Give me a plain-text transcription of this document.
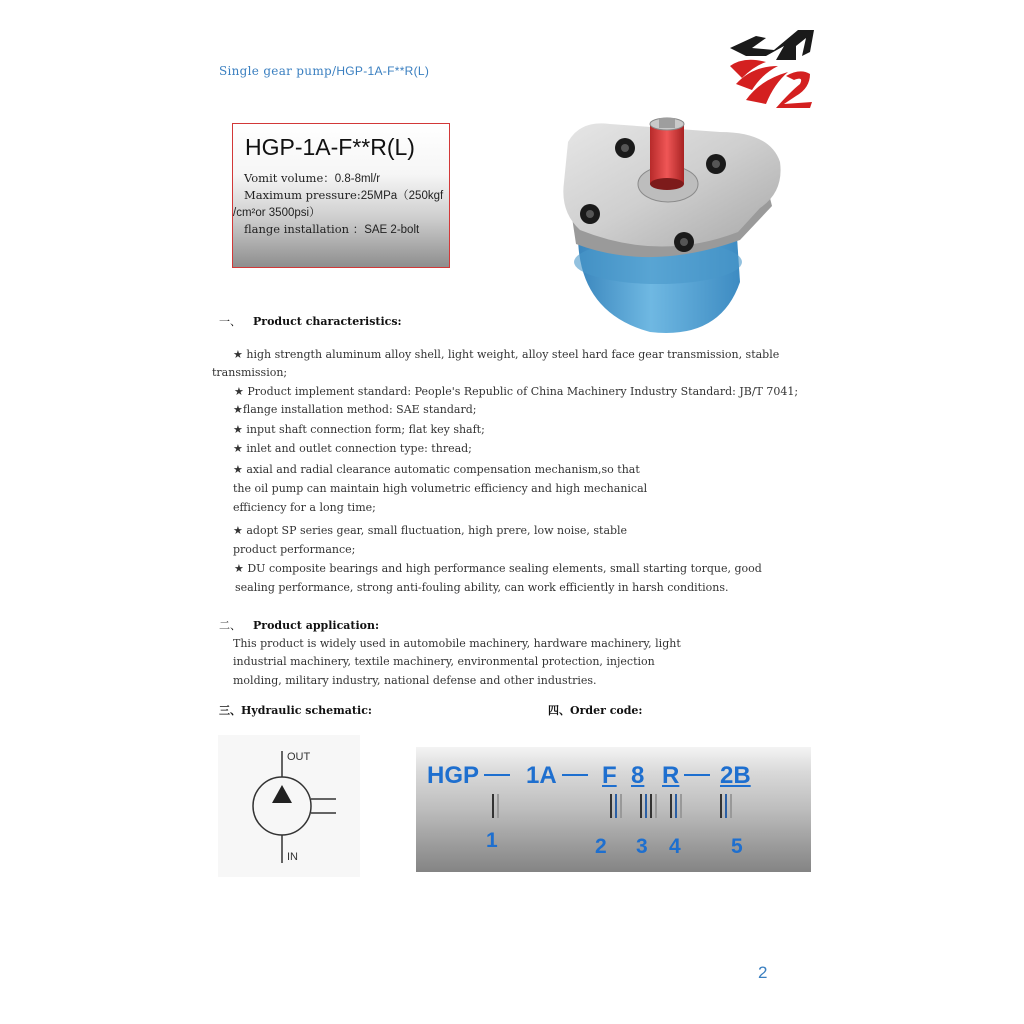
Single gear pump/HGP-1A-F**R(L)
HGP-1A-F**R(L)
Vomit volume：0.8-8ml/r
Maximum pressure:25MPa（250kgf
/cm²or 3500psi）
flange installation ：SAE 2-bolt
一、 Product characteristics:
★ high strength aluminum alloy shell, light weight, alloy steel hard face gear transmission, stable
transmission;
★ Product implement standard: People's Republic of China Machinery Industry Standard: JB/T 7041;
★flange installation method: SAE standard;
★ input shaft connection form; flat key shaft;
★ inlet and outlet connection type: thread;
★ axial and radial clearance automatic compensation mechanism,so that
the oil pump can maintain high volumetric efficiency and high mechanical
efficiency for a long time;
★ adopt SP series gear, small fluctuation, high prere, low noise, stable
product performance;
★ DU composite bearings and high performance sealing elements, small starting torque, good
sealing performance, strong anti-fouling ability, can work efficiently in harsh conditions.
二、 Product application:
This product is widely used in automobile machinery, hardware machinery, light
industrial machinery, textile machinery, environmental protection, injection
molding, military industry, national defense and other industries.
三、Hydraulic schematic:	四、Order code:
OUT
IN
HGP 1A F 8 R 2B
1	2 3 4 5
2
